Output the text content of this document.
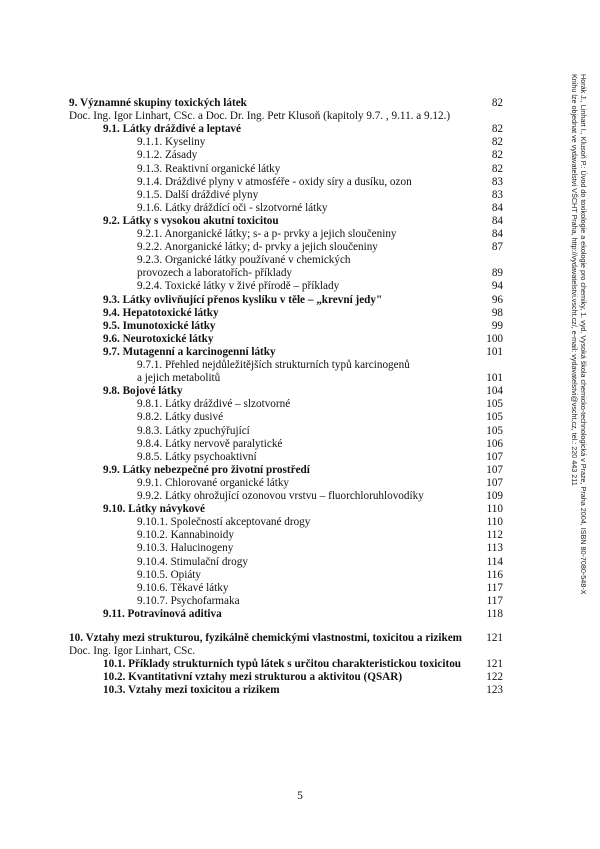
9. Významné skupiny toxických látek	82
Doc. Ing. Igor Linhart, CSc. a Doc. Dr. Ing. Petr Klusoň (kapitoly 9.7. , 9.11. a 9.12.)
9.1. Látky dráždivé a leptavé	82
9.1.1. Kyseliny	82
9.1.2. Zásady	82
9.1.3. Reaktivní organické látky	82
9.1.4. Dráždivé plyny v atmosféře - oxidy síry a dusíku, ozon	83
9.1.5. Další dráždivé plyny	83
9.1.6. Látky dráždící oči - slzotvorné látky	84
9.2. Látky s vysokou akutní toxicitou	84
9.2.1. Anorganické látky; s- a p- prvky a jejich sloučeniny	84
9.2.2. Anorganické látky; d- prvky a jejich sloučeniny	87
9.2.3. Organické látky používané v chemických
provozech a laboratořích- příklady	89
9.2.4. Toxické látky v živé přírodě – příklady	94
9.3. Látky ovlivňující přenos kyslíku v těle – „krevní jedy"	96
9.4. Hepatotoxické látky	98
9.5. Imunotoxické látky	99
9.6. Neurotoxické látky	100
9.7. Mutagenní a karcinogenní látky	101
9.7.1. Přehled nejdůležitějších strukturních typů karcinogenů
a jejich metabolitů	101
9.8. Bojové látky	104
9.8.1. Látky dráždivé – slzotvorné	105
9.8.2. Látky dusivé	105
9.8.3. Látky zpuchýřující	105
9.8.4. Látky nervově paralytické	106
9.8.5. Látky psychoaktivní	107
9.9. Látky nebezpečné pro životní prostředí	107
9.9.1. Chlorované organické látky	107
9.9.2. Látky ohrožující ozonovou vrstvu – fluorchloruhlovodíky	109
9.10. Látky návykové	110
9.10.1. Společností akceptované drogy	110
9.10.2. Kannabinoidy	112
9.10.3. Halucinogeny	113
9.10.4. Stimulační drogy	114
9.10.5. Opiáty	116
9.10.6. Těkavé látky	117
9.10.7. Psychofarmaka	117
9.11. Potravinová aditiva	118
10. Vztahy mezi strukturou, fyzikálně chemickými vlastnostmi, toxicitou a rizikem 121
Doc. Ing. Igor Linhart, CSc.
10.1. Příklady strukturních typů látek s určitou charakteristickou toxicitou 121
10.2. Kvantitativní vztahy mezi strukturou a aktivitou (QSAR)	122
10.3. Vztahy mezi toxicitou a rizikem	123
Horák J., Linhart I., Klusoň P.: Úvod do toxikologie a ekologie pro chemiky, 1. vyd. Vysoká škola chemicko-technologická v Praze, Praha 2004, ISBN 80-7080-548-X
Knihu lze objednat ve vydavatelství VŠCHT Praha, http://vydavatelstvi.vscht.cz/, e-mail: vydavatelstvi@vscht.cz, tel.: 220 443 211
5
